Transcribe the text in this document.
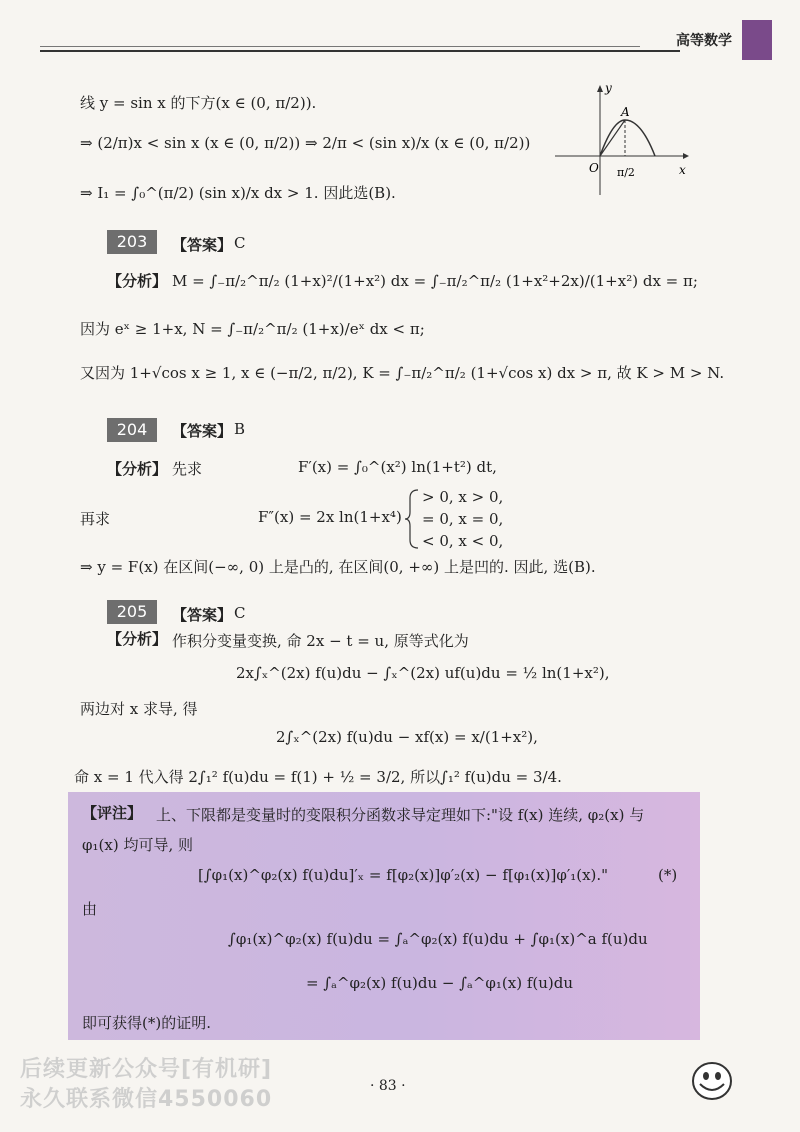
高等数学
线 y = sin x 的下方(x ∈ (0, π/2)).
⇒ (2/π)x < sin x (x ∈ (0, π/2)) ⇒ 2/π < (sin x)/x (x ∈ (0, π/2))
⇒ I₁ = ∫₀^(π/2) (sin x)/x dx > 1. 因此选(B).
y
x
O
A
π/2
203	【答案】 C
【分析】 M = ∫₋π/₂^π/₂ (1+x)²/(1+x²) dx = ∫₋π/₂^π/₂ (1+x²+2x)/(1+x²) dx = π;
因为 eˣ ≥ 1+x, N = ∫₋π/₂^π/₂ (1+x)/eˣ dx < π;
又因为 1+√cos x ≥ 1, x ∈ (−π/2, π/2), K = ∫₋π/₂^π/₂ (1+√cos x) dx > π, 故 K > M > N.
204	【答案】 B
【分析】 先求	F′(x) = ∫₀^(x²) ln(1+t²) dt,
再求	F″(x) = 2x ln(1+x⁴)
> 0, x > 0,
= 0, x = 0,
< 0, x < 0,
⇒ y = F(x) 在区间(−∞, 0) 上是凸的, 在区间(0, +∞) 上是凹的. 因此, 选(B).
205	【答案】 C
【分析】 作积分变量变换, 命 2x − t = u, 原等式化为
2x∫ₓ^(2x) f(u)du − ∫ₓ^(2x) uf(u)du = ½ ln(1+x²),
两边对 x 求导, 得
2∫ₓ^(2x) f(u)du − xf(x) = x/(1+x²),
命 x = 1 代入得 2∫₁² f(u)du = f(1) + ½ = 3/2, 所以∫₁² f(u)du = 3/4.
【评注】 上、下限都是变量时的变限积分函数求导定理如下:"设 f(x) 连续, φ₂(x) 与
φ₁(x) 均可导, 则
[∫φ₁(x)^φ₂(x) f(u)du]′ₓ = f[φ₂(x)]φ′₂(x) − f[φ₁(x)]φ′₁(x)."	(*)
由
∫φ₁(x)^φ₂(x) f(u)du = ∫ₐ^φ₂(x) f(u)du + ∫φ₁(x)^a f(u)du
= ∫ₐ^φ₂(x) f(u)du − ∫ₐ^φ₁(x) f(u)du
即可获得(*)的证明.
· 83 ·
后续更新公众号[有机研]
永久联系微信4550060
